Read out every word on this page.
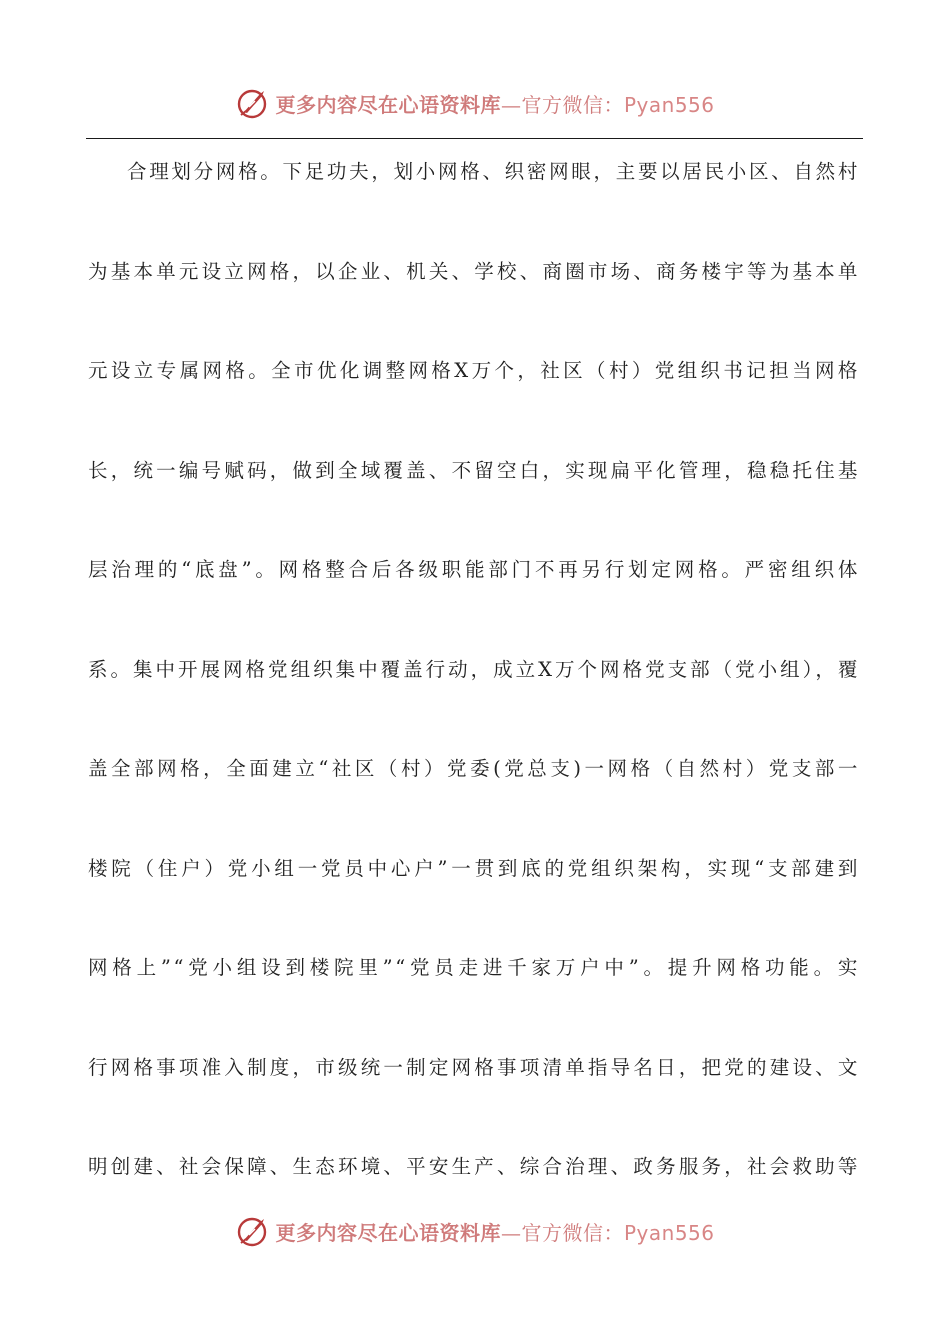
更多内容尽在心语资料库—官方微信：Pyan556
合理划分网格。下足功夫，划小网格、织密网眼，主要以居民小区、自然村
为基本单元设立网格，以企业、机关、学校、商圈市场、商务楼宇等为基本单
元设立专属网格。全市优化调整网格X万个，社区（村）党组织书记担当网格
长，统一编号赋码，做到全域覆盖、不留空白，实现扁平化管理，稳稳托住基
层治理的“底盘”。网格整合后各级职能部门不再另行划定网格。严密组织体
系。集中开展网格党组织集中覆盖行动，成立X万个网格党支部（党小组），覆
盖全部网格，全面建立“社区（村）党委(党总支)一网格（自然村）党支部一
楼院（住户）党小组一党员中心户”一贯到底的党组织架构，实现“支部建到
网格上”“党小组设到楼院里”“党员走进千家万户中”。提升网格功能。实
行网格事项准入制度，市级统一制定网格事项清单指导名日，把党的建设、文
明创建、社会保障、生态环境、平安生产、综合治理、政务服务，社会救助等
更多内容尽在心语资料库—官方微信：Pyan556
